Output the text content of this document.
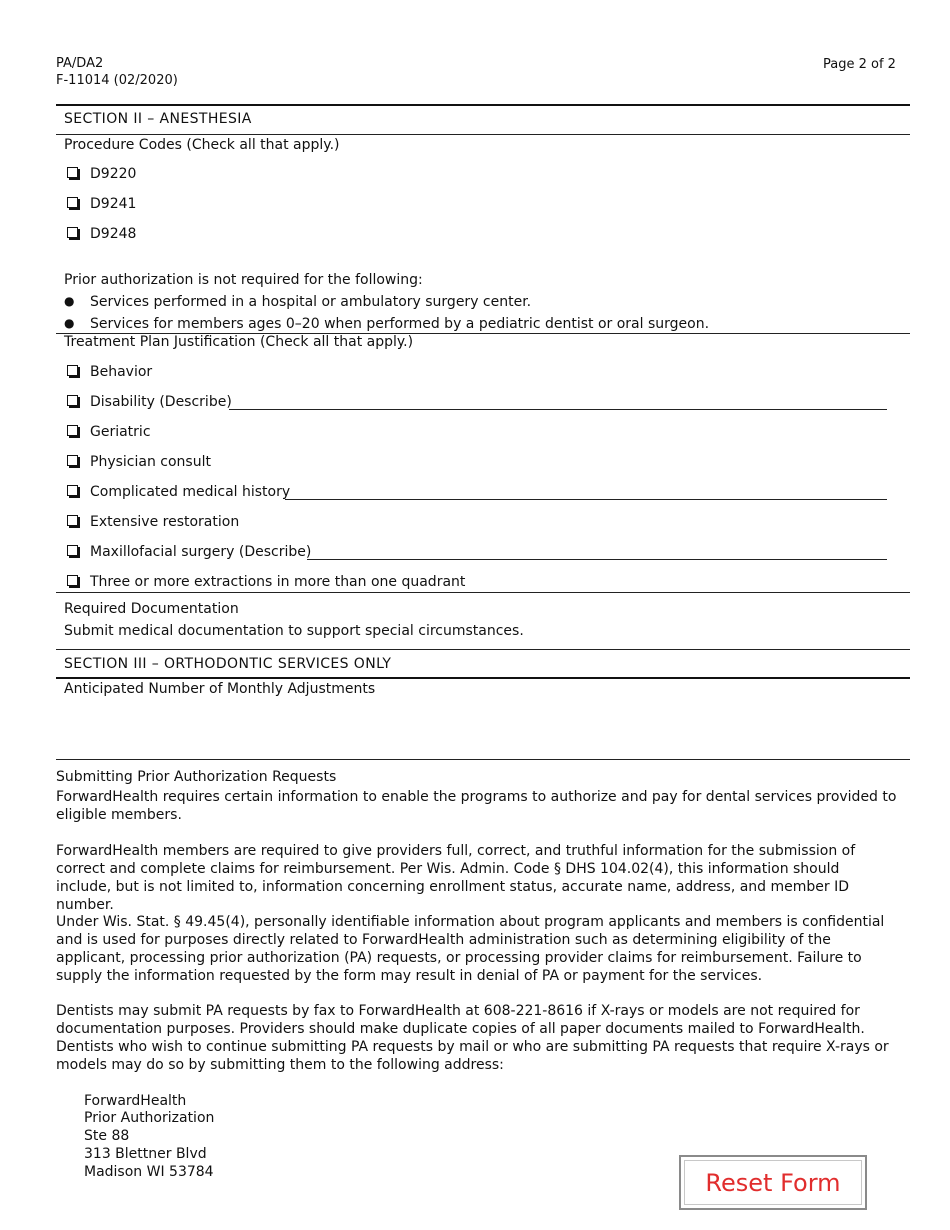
PA/DA2
F-11014 (02/2020)
Page 2 of 2
SECTION II – ANESTHESIA
Procedure Codes (Check all that apply.)
D9220
D9241
D9248
Prior authorization is not required for the following:
● Services performed in a hospital or ambulatory surgery center.
● Services for members ages 0–20 when performed by a pediatric dentist or oral surgeon.
Treatment Plan Justification (Check all that apply.)
Behavior
Disability (Describe)
Geriatric
Physician consult
Complicated medical history
Extensive restoration
Maxillofacial surgery (Describe)
Three or more extractions in more than one quadrant
Required Documentation
Submit medical documentation to support special circumstances.
SECTION III – ORTHODONTIC SERVICES ONLY
Anticipated Number of Monthly Adjustments
Submitting Prior Authorization Requests

ForwardHealth requires certain information to enable the programs to authorize and pay for dental services provided to eligible members.

ForwardHealth members are required to give providers full, correct, and truthful information for the submission of correct and complete claims for reimbursement. Per Wis. Admin. Code § DHS 104.02(4), this information should include, but is not limited to, information concerning enrollment status, accurate name, address, and member ID number.

Under Wis. Stat. § 49.45(4), personally identifiable information about program applicants and members is confidential and is used for purposes directly related to ForwardHealth administration such as determining eligibility of the applicant, processing prior authorization (PA) requests, or processing provider claims for reimbursement. Failure to supply the information requested by the form may result in denial of PA or payment for the services.

Dentists may submit PA requests by fax to ForwardHealth at 608-221-8616 if X-rays or models are not required for documentation purposes. Providers should make duplicate copies of all paper documents mailed to ForwardHealth. Dentists who wish to continue submitting PA requests by mail or who are submitting PA requests that require X-rays or models may do so by submitting them to the following address:

ForwardHealth
Prior Authorization
Ste 88
313 Blettner Blvd
Madison WI 53784	Reset Form
